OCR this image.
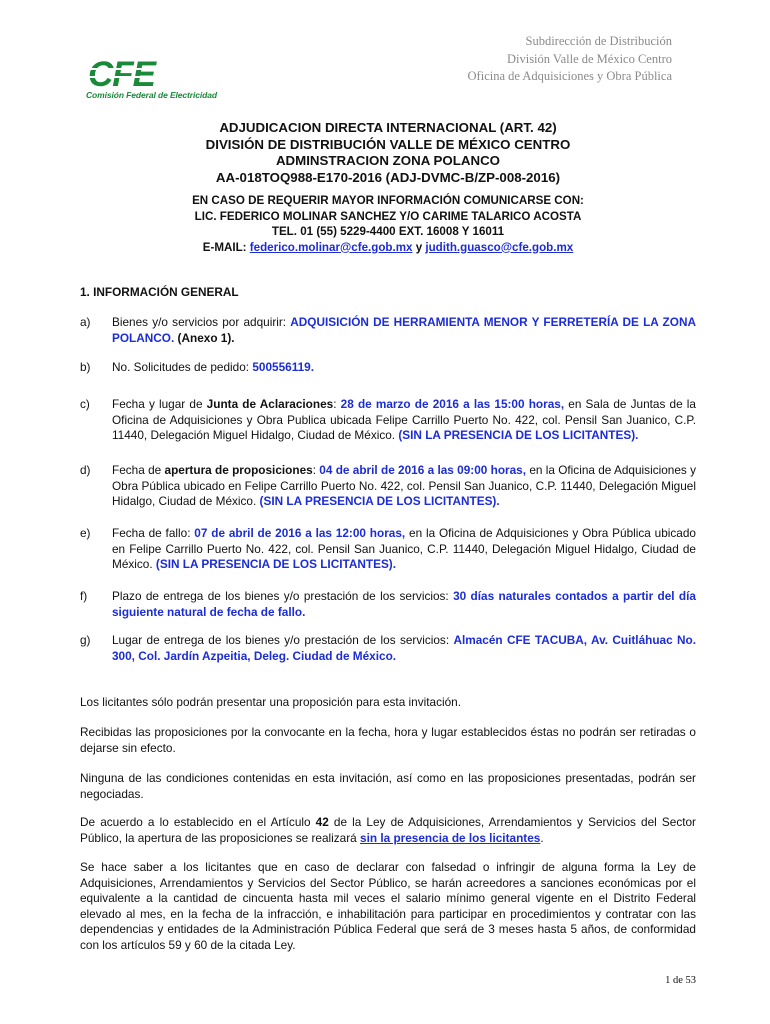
CFE
Comisión Federal de Electricidad
Subdirección de Distribución
División Valle de México Centro
Oficina de Adquisiciones y Obra Pública
ADJUDICACION DIRECTA INTERNACIONAL (ART. 42)
DIVISIÓN DE DISTRIBUCIÓN VALLE DE MÉXICO CENTRO
ADMINSTRACION ZONA POLANCO
AA-018TOQ988-E170-2016 (ADJ-DVMC-B/ZP-008-2016)
EN CASO DE REQUERIR MAYOR INFORMACIÓN COMUNICARSE CON:
LIC. FEDERICO MOLINAR SANCHEZ Y/O CARIME TALARICO ACOSTA
TEL. 01 (55) 5229-4400 EXT. 16008 Y 16011
E-MAIL: federico.molinar@cfe.gob.mx y judith.guasco@cfe.gob.mx
1. INFORMACIÓN GENERAL
a) Bienes y/o servicios por adquirir: ADQUISICIÓN DE HERRAMIENTA MENOR Y FERRETERÍA DE LA ZONA POLANCO. (Anexo 1).
b) No. Solicitudes de pedido: 500556119.
c) Fecha y lugar de Junta de Aclaraciones: 28 de marzo de 2016 a las 15:00 horas, en Sala de Juntas de la Oficina de Adquisiciones y Obra Publica ubicada Felipe Carrillo Puerto No. 422, col. Pensil San Juanico, C.P. 11440, Delegación Miguel Hidalgo, Ciudad de México. (SIN LA PRESENCIA DE LOS LICITANTES).
d) Fecha de apertura de proposiciones: 04 de abril de 2016 a las 09:00 horas, en la Oficina de Adquisiciones y Obra Pública ubicado en Felipe Carrillo Puerto No. 422, col. Pensil San Juanico, C.P. 11440, Delegación Miguel Hidalgo, Ciudad de México. (SIN LA PRESENCIA DE LOS LICITANTES).
e) Fecha de fallo: 07 de abril de 2016 a las 12:00 horas, en la Oficina de Adquisiciones y Obra Pública ubicado en Felipe Carrillo Puerto No. 422, col. Pensil San Juanico, C.P. 11440, Delegación Miguel Hidalgo, Ciudad de México. (SIN LA PRESENCIA DE LOS LICITANTES).
f) Plazo de entrega de los bienes y/o prestación de los servicios: 30 días naturales contados a partir del día siguiente natural de fecha de fallo.
g) Lugar de entrega de los bienes y/o prestación de los servicios: Almacén CFE TACUBA, Av. Cuitláhuac No. 300, Col. Jardín Azpeitia, Deleg. Ciudad de México.
Los licitantes sólo podrán presentar una proposición para esta invitación.
Recibidas las proposiciones por la convocante en la fecha, hora y lugar establecidos éstas no podrán ser retiradas o dejarse sin efecto.
Ninguna de las condiciones contenidas en esta invitación, así como en las proposiciones presentadas, podrán ser negociadas.
De acuerdo a lo establecido en el Artículo 42 de la Ley de Adquisiciones, Arrendamientos y Servicios del Sector Público, la apertura de las proposiciones se realizará sin la presencia de los licitantes.
Se hace saber a los licitantes que en caso de declarar con falsedad o infringir de alguna forma la Ley de Adquisiciones, Arrendamientos y Servicios del Sector Público, se harán acreedores a sanciones económicas por el equivalente a la cantidad de cincuenta hasta mil veces el salario mínimo general vigente en el Distrito Federal elevado al mes, en la fecha de la infracción, e inhabilitación para participar en procedimientos y contratar con las dependencias y entidades de la Administración Pública Federal que será de 3 meses hasta 5 años, de conformidad con los artículos 59 y 60 de la citada Ley.
1 de 53
